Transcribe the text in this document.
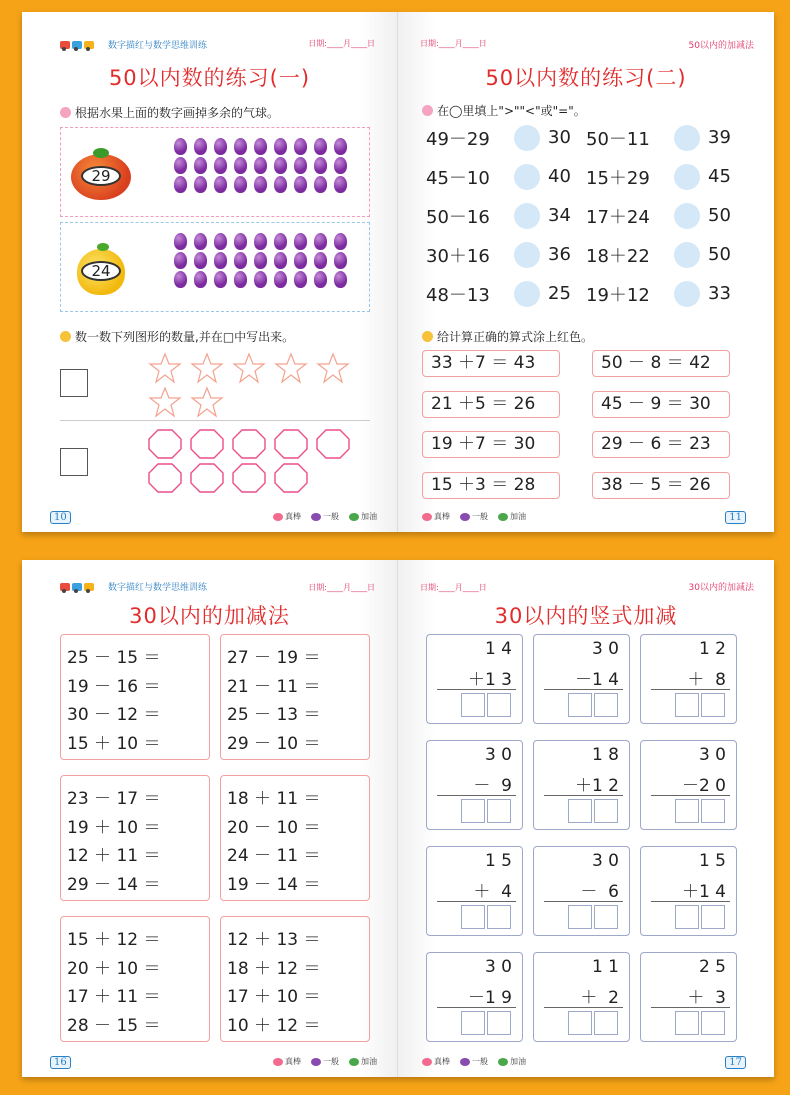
数字描红与数学思维训练	日期:____月____日
50以内数的练习(一)
根据水果上面的数字画掉多余的气球。
29
24
数一数下列图形的数量,并在□中写出来。
10	真棒	一般	加油
日期:____月____日	50以内的加减法
50以内数的练习(二)
在◯里填上">""<"或"="。
49－29	30 50－11	39
45－10	40 15＋29	45
50－16	34 17＋24	50
30＋16	36 18＋22	50
48－13	25 19＋12	33
给计算正确的算式涂上红色。
33 ＋7 ＝ 43	50 － 8 ＝ 42
21 ＋5 ＝ 26	45 － 9 ＝ 30
19 ＋7 ＝ 30	29 － 6 ＝ 23
15 ＋3 ＝ 28	38 － 5 ＝ 26
真棒	一般	加油	11
数字描红与数学思维训练	日期:____月____日
30以内的加减法
25 － 15 ＝
19 － 16 ＝
30 － 12 ＝
15 ＋ 10 ＝
27 － 19 ＝
21 － 11 ＝
25 － 13 ＝
29 － 10 ＝
23 － 17 ＝
19 ＋ 10 ＝
12 ＋ 11 ＝
29 － 14 ＝
18 ＋ 11 ＝
20 － 10 ＝
24 － 11 ＝
19 － 14 ＝
15 ＋ 12 ＝
20 ＋ 10 ＝
17 ＋ 11 ＝
28 － 15 ＝
12 ＋ 13 ＝
18 ＋ 12 ＝
17 ＋ 10 ＝
10 ＋ 12 ＝
16	真棒	一般	加油
日期:____月____日	30以内的加减法
30以内的竖式加减
1 4
＋1 3
3 0
－1 4
1 2
＋  8
3 0
－  9
1 8
＋1 2
3 0
－2 0
1 5
＋  4
3 0
－  6
1 5
＋1 4
3 0
－1 9
1 1
＋  2
2 5
＋  3
真棒	一般	加油	17
